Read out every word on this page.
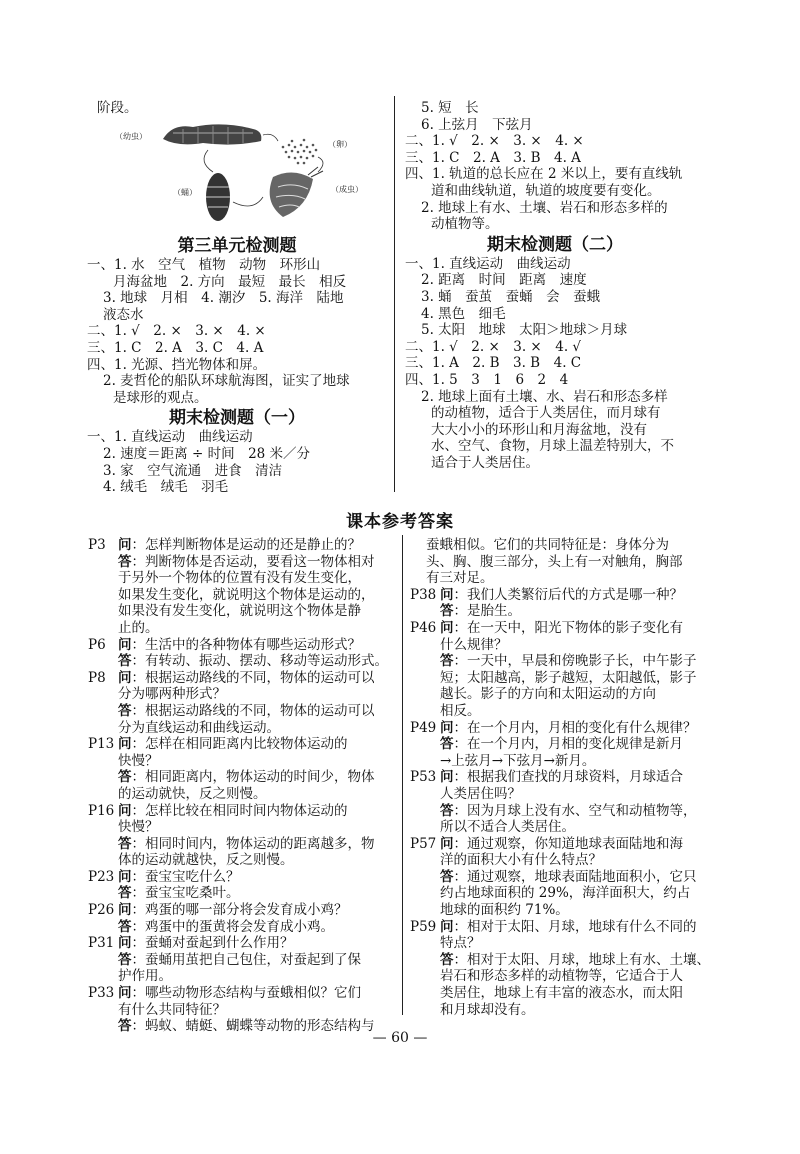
阶段。
（幼虫）
（卵）
（蛹）	（成虫）
第三单元检测题
一、1. 水　空气　植物　动物　环形山
月海盆地　2. 方向　最短　最长　相反
3. 地球　月相　4. 潮汐　5. 海洋　陆地
液态水
二、1. √　2. ×　3. ×　4. ×
三、1. C　2. A　3. C　4. A
四、1. 光源、挡光物体和屏。
2. 麦哲伦的船队环球航海图，证实了地球
是球形的观点。
期末检测题（一）
一、1. 直线运动　曲线运动
2. 速度＝距离 ÷ 时间　28 米／分
3. 家　空气流通　进食　清洁
4. 绒毛　绒毛　羽毛
5. 短　长
6. 上弦月　下弦月
二、1. √　2. ×　3. ×　4. ×
三、1. C　2. A　3. B　4. A
四、1. 轨道的总长应在 2 米以上，要有直线轨
道和曲线轨道，轨道的坡度要有变化。
2. 地球上有水、土壤、岩石和形态多样的
动植物等。
期末检测题（二）
一、1. 直线运动　曲线运动
2. 距离　时间　距离　速度
3. 蛹　蚕茧　蚕蛹　会　蚕蛾
4. 黑色　细毛
5. 太阳　地球　太阳＞地球＞月球
二、1. √　2. ×　3. ×　4. √
三、1. A　2. B　3. B　4. C
四、1. 5　3　1　6　2　4
2. 地球上面有土壤、水、岩石和形态多样
的动植物，适合于人类居住，而月球有
大大小小的环形山和月海盆地，没有
水、空气、食物，月球上温差特别大，不
适合于人类居住。
课本参考答案
P3 问：怎样判断物体是运动的还是静止的？
答：判断物体是否运动，要看这一物体相对
于另外一个物体的位置有没有发生变化，
如果发生变化，就说明这个物体是运动的，
如果没有发生变化，就说明这个物体是静
止的。
P6 问：生活中的各种物体有哪些运动形式？
答：有转动、振动、摆动、移动等运动形式。
P8 问：根据运动路线的不同，物体的运动可以
分为哪两种形式？
答：根据运动路线的不同，物体的运动可以
分为直线运动和曲线运动。
P13 问：怎样在相同距离内比较物体运动的
快慢？
答：相同距离内，物体运动的时间少，物体
的运动就快，反之则慢。
P16 问：怎样比较在相同时间内物体运动的
快慢？
答：相同时间内，物体运动的距离越多，物
体的运动就越快，反之则慢。
P23 问：蚕宝宝吃什么？
答：蚕宝宝吃桑叶。
P26 问：鸡蛋的哪一部分将会发育成小鸡？
答：鸡蛋中的蛋黄将会发育成小鸡。
P31 问：蚕蛹对蚕起到什么作用？
答：蚕蛹用茧把自己包住，对蚕起到了保
护作用。
P33 问：哪些动物形态结构与蚕蛾相似？它们
有什么共同特征？
答：蚂蚁、蜻蜓、蝴蝶等动物的形态结构与
蚕蛾相似。它们的共同特征是：身体分为
头、胸、腹三部分，头上有一对触角，胸部
有三对足。
P38 问：我们人类繁衍后代的方式是哪一种？
答：是胎生。
P46 问：在一天中，阳光下物体的影子变化有
什么规律？
答：一天中，早晨和傍晚影子长，中午影子
短；太阳越高，影子越短，太阳越低，影子
越长。影子的方向和太阳运动的方向
相反。
P49 问：在一个月内，月相的变化有什么规律？
答：在一个月内，月相的变化规律是新月
→上弦月→下弦月→新月。
P53 问：根据我们查找的月球资料，月球适合
人类居住吗？
答：因为月球上没有水、空气和动植物等，
所以不适合人类居住。
P57 问：通过观察，你知道地球表面陆地和海
洋的面积大小有什么特点？
答：通过观察，地球表面陆地面积小，它只
约占地球面积的 29%，海洋面积大，约占
地球的面积约 71%。
P59 问：相对于太阳、月球，地球有什么不同的
特点？
答：相对于太阳、月球，地球上有水、土壤、
岩石和形态多样的动植物等，它适合于人
类居住，地球上有丰富的液态水，而太阳
和月球却没有。
— 60 —
